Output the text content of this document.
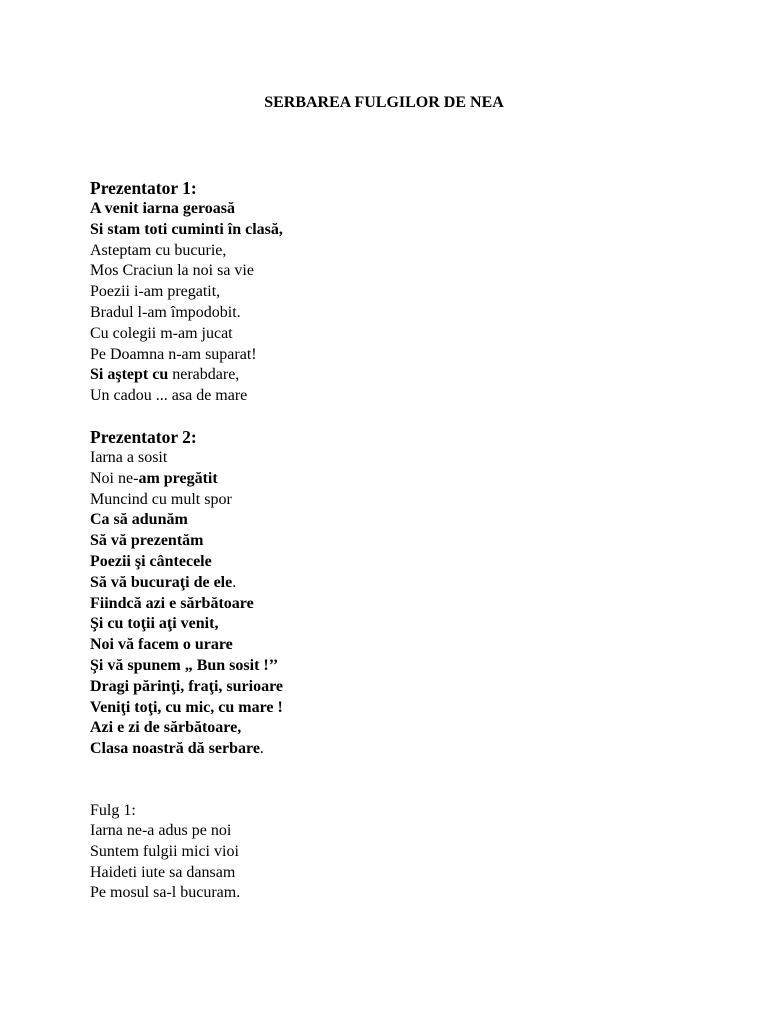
SERBAREA FULGILOR DE NEA
Prezentator 1:
A venit iarna geroasă
Si stam toti cuminti în clasă,
Asteptam cu bucurie,
Mos Craciun la noi sa vie
Poezii i-am pregatit,
Bradul l-am împodobit.
Cu colegii m-am jucat
Pe Doamna n-am suparat!
Si aştept cu nerabdare,
Un cadou ... asa de mare
Prezentator 2:
Iarna a sosit
Noi ne-am pregătit
Muncind cu mult spor
Ca să adunăm
Să vă prezentăm
Poezii şi cântecele
Să vă bucuraţi de ele.
Fiindcă azi e sărbătoare
Şi cu toţii aţi venit,
Noi vă facem o urare
Şi vă spunem „ Bun sosit !’’
Dragi părinţi, fraţi, surioare
Veniţi toţi, cu mic, cu mare !
Azi e zi de sărbătoare,
Clasa noastră dă serbare.
Fulg 1:
Iarna ne-a adus pe noi
Suntem fulgii mici vioi
Haideti iute sa dansam
Pe mosul sa-l bucuram.
